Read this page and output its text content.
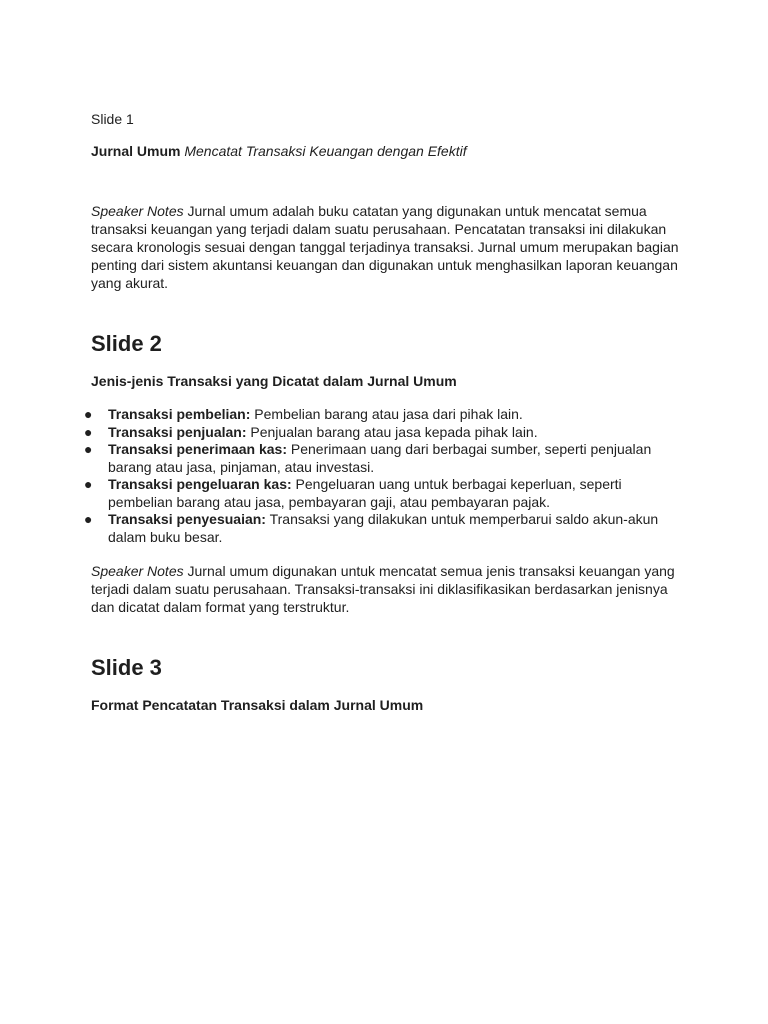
Slide 1

Jurnal Umum Mencatat Transaksi Keuangan dengan Efektif

Speaker Notes Jurnal umum adalah buku catatan yang digunakan untuk mencatat semua transaksi keuangan yang terjadi dalam suatu perusahaan. Pencatatan transaksi ini dilakukan secara kronologis sesuai dengan tanggal terjadinya transaksi. Jurnal umum merupakan bagian penting dari sistem akuntansi keuangan dan digunakan untuk menghasilkan laporan keuangan yang akurat.

Slide 2

Jenis-jenis Transaksi yang Dicatat dalam Jurnal Umum

● Transaksi pembelian: Pembelian barang atau jasa dari pihak lain.
● Transaksi penjualan: Penjualan barang atau jasa kepada pihak lain.
● Transaksi penerimaan kas: Penerimaan uang dari berbagai sumber, seperti penjualan barang atau jasa, pinjaman, atau investasi.
● Transaksi pengeluaran kas: Pengeluaran uang untuk berbagai keperluan, seperti pembelian barang atau jasa, pembayaran gaji, atau pembayaran pajak.
● Transaksi penyesuaian: Transaksi yang dilakukan untuk memperbarui saldo akun-akun dalam buku besar.

Speaker Notes Jurnal umum digunakan untuk mencatat semua jenis transaksi keuangan yang terjadi dalam suatu perusahaan. Transaksi-transaksi ini diklasifikasikan berdasarkan jenisnya dan dicatat dalam format yang terstruktur.

Slide 3

Format Pencatatan Transaksi dalam Jurnal Umum
